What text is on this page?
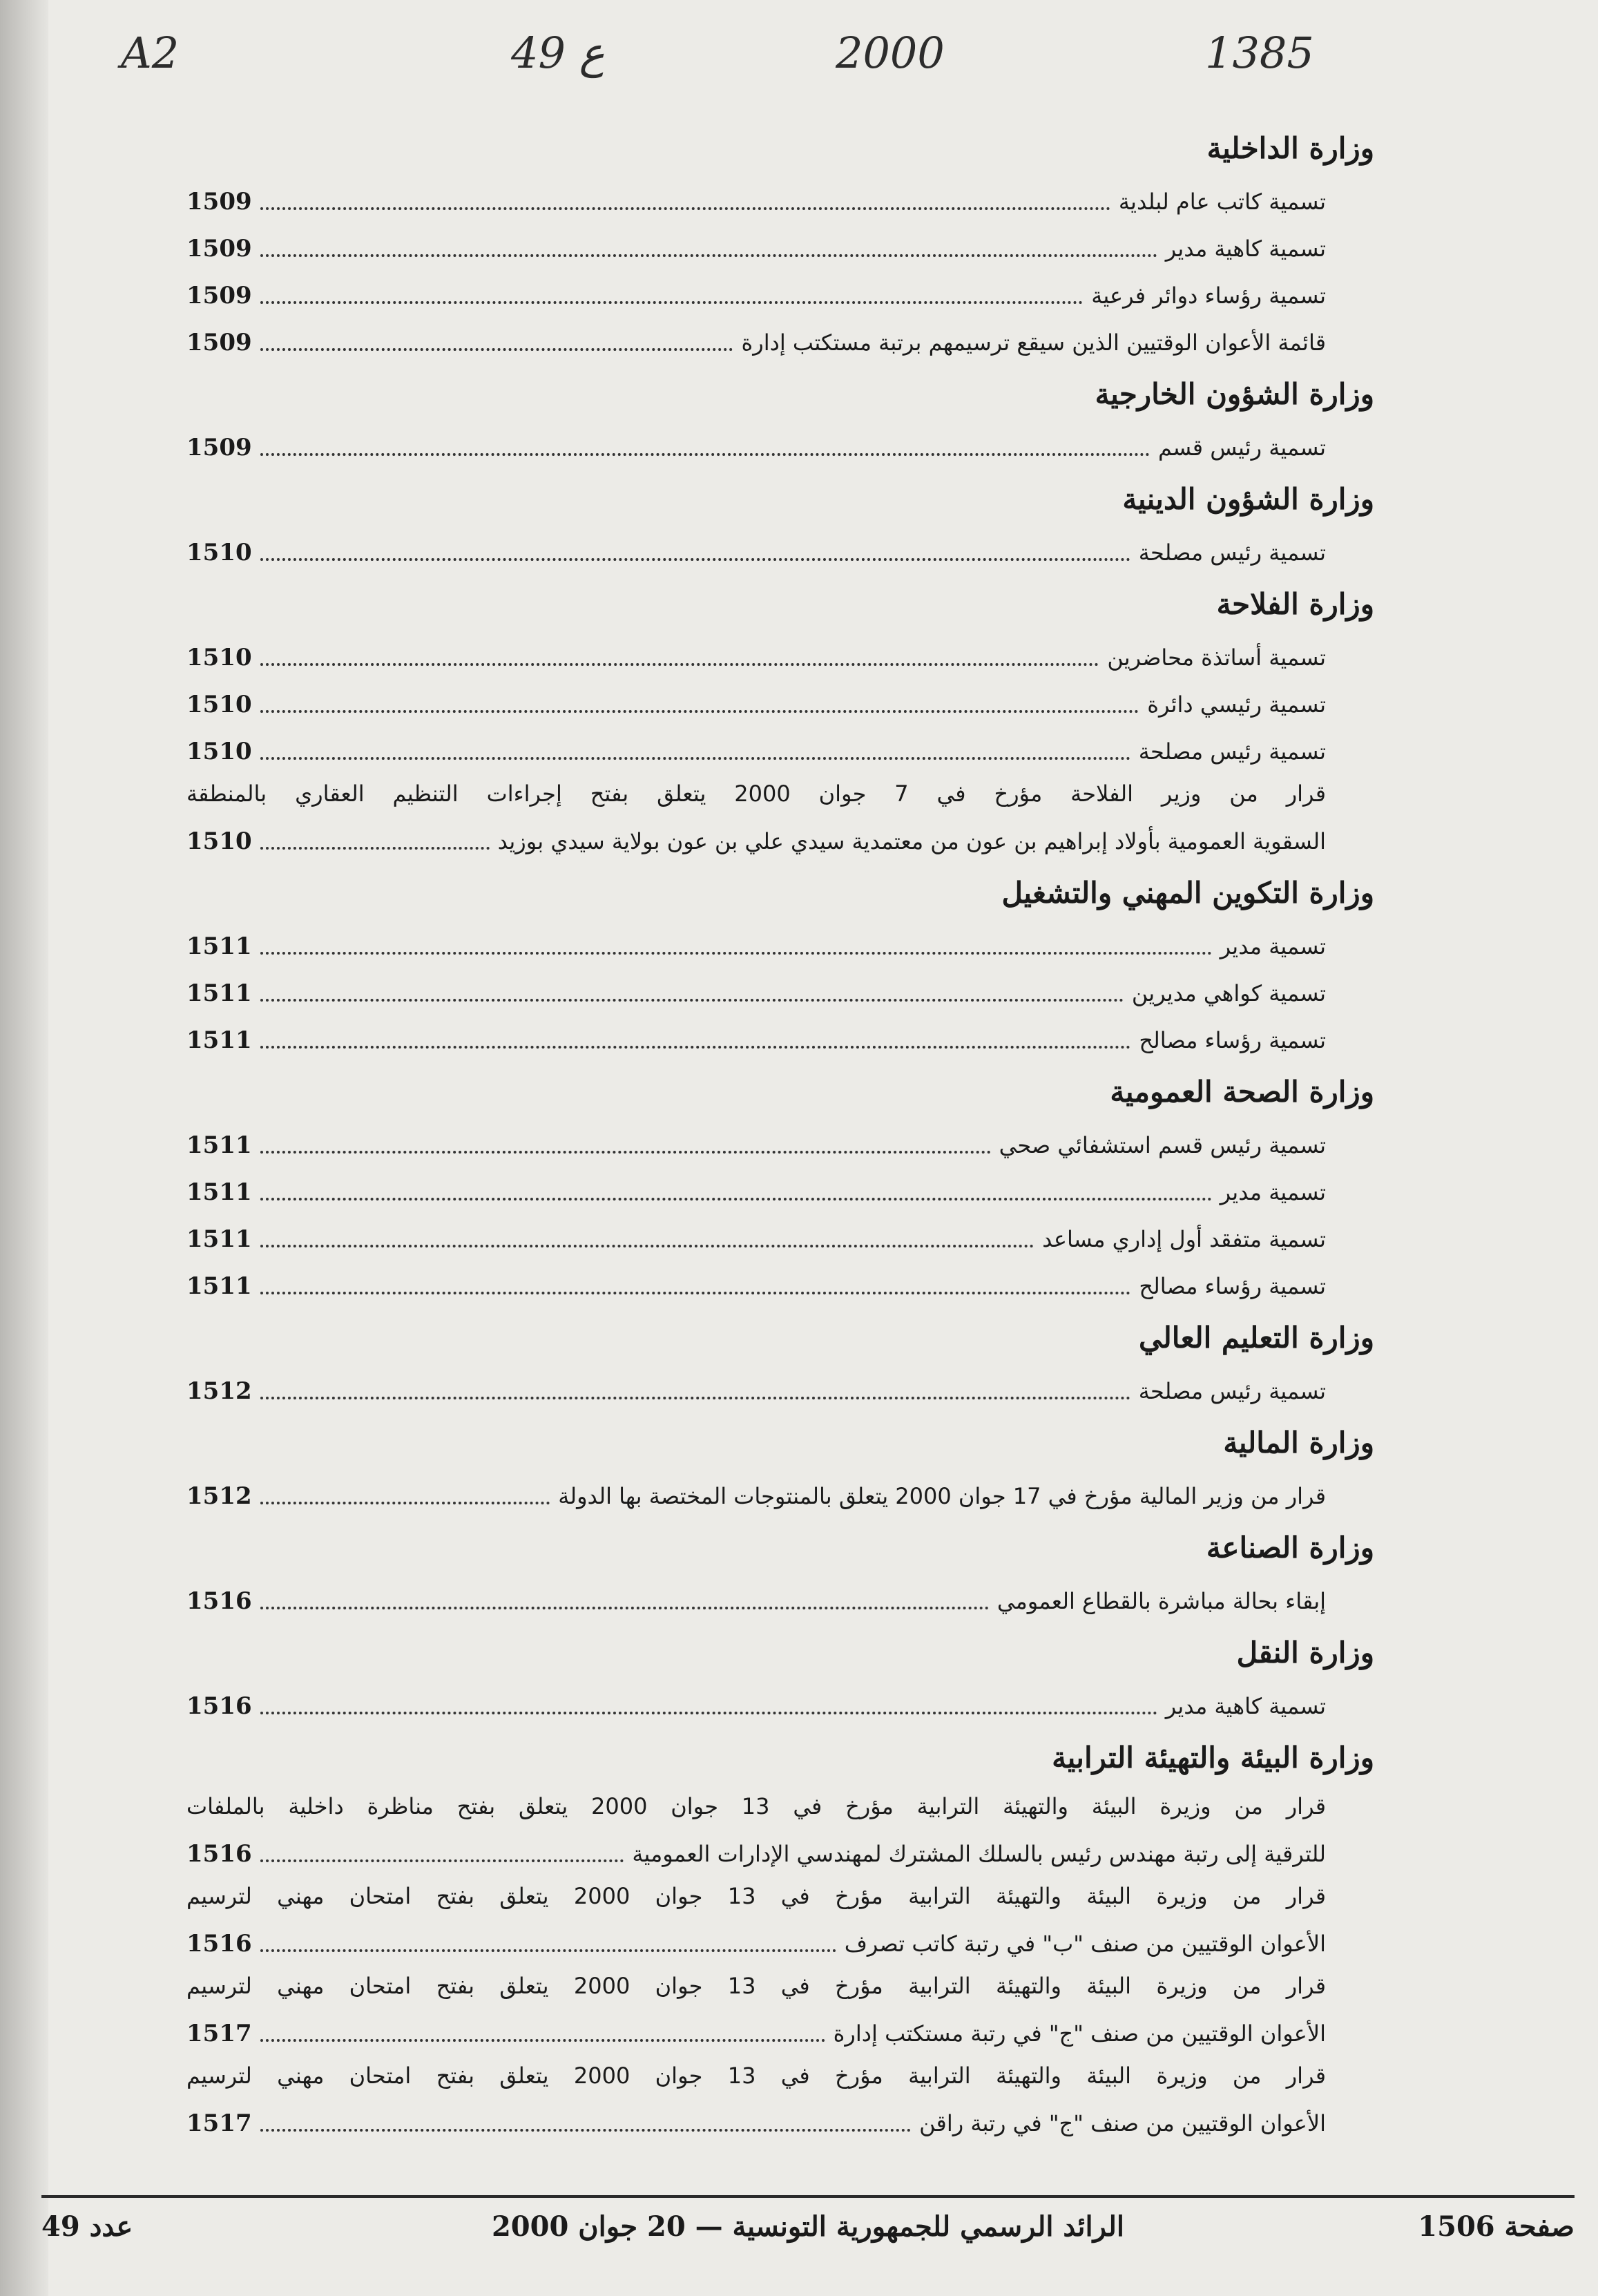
A2	49 ع	2000	1385
وزارة الداخلية
تسمية كاتب عام لبلدية
1509
تسمية كاهية مدير
1509
تسمية رؤساء دوائر فرعية
1509
قائمة الأعوان الوقتيين الذين سيقع ترسيمهم برتبة مستكتب إدارة
1509
وزارة الشؤون الخارجية
تسمية رئيس قسم
1509
وزارة الشؤون الدينية
تسمية رئيس مصلحة
1510
وزارة الفلاحة
تسمية أساتذة محاضرين
1510
تسمية رئيسي دائرة
1510
تسمية رئيس مصلحة
1510
قرار من وزير الفلاحة مؤرخ في 7 جوان 2000 يتعلق بفتح إجراءات التنظيم العقاري بالمنطقة
السقوية العمومية بأولاد إبراهيم بن عون من معتمدية سيدي علي بن عون بولاية سيدي بوزيد
1510
وزارة التكوين المهني والتشغيل
تسمية مدير
1511
تسمية كواهي مديرين
1511
تسمية رؤساء مصالح
1511
وزارة الصحة العمومية
تسمية رئيس قسم استشفائي صحي
1511
تسمية مدير
1511
تسمية متفقد أول إداري مساعد
1511
تسمية رؤساء مصالح
1511
وزارة التعليم العالي
تسمية رئيس مصلحة
1512
وزارة المالية
قرار من وزير المالية مؤرخ في 17 جوان 2000 يتعلق بالمنتوجات المختصة بها الدولة
1512
وزارة الصناعة
إبقاء بحالة مباشرة بالقطاع العمومي
1516
وزارة النقل
تسمية كاهية مدير
1516
وزارة البيئة والتهيئة الترابية
قرار من وزيرة البيئة والتهيئة الترابية مؤرخ في 13 جوان 2000 يتعلق بفتح مناظرة داخلية بالملفات
للترقية إلى رتبة مهندس رئيس بالسلك المشترك لمهندسي الإدارات العمومية
1516
قرار من وزيرة البيئة والتهيئة الترابية مؤرخ في 13 جوان 2000 يتعلق بفتح امتحان مهني لترسيم
الأعوان الوقتيين من صنف "ب" في رتبة كاتب تصرف
1516
قرار من وزيرة البيئة والتهيئة الترابية مؤرخ في 13 جوان 2000 يتعلق بفتح امتحان مهني لترسيم
الأعوان الوقتيين من صنف "ج" في رتبة مستكتب إدارة
1517
قرار من وزيرة البيئة والتهيئة الترابية مؤرخ في 13 جوان 2000 يتعلق بفتح امتحان مهني لترسيم
الأعوان الوقتيين من صنف "ج" في رتبة راقن
1517
صفحة 1506
الرائد الرسمي للجمهورية التونسية — 20 جوان 2000
عدد 49
